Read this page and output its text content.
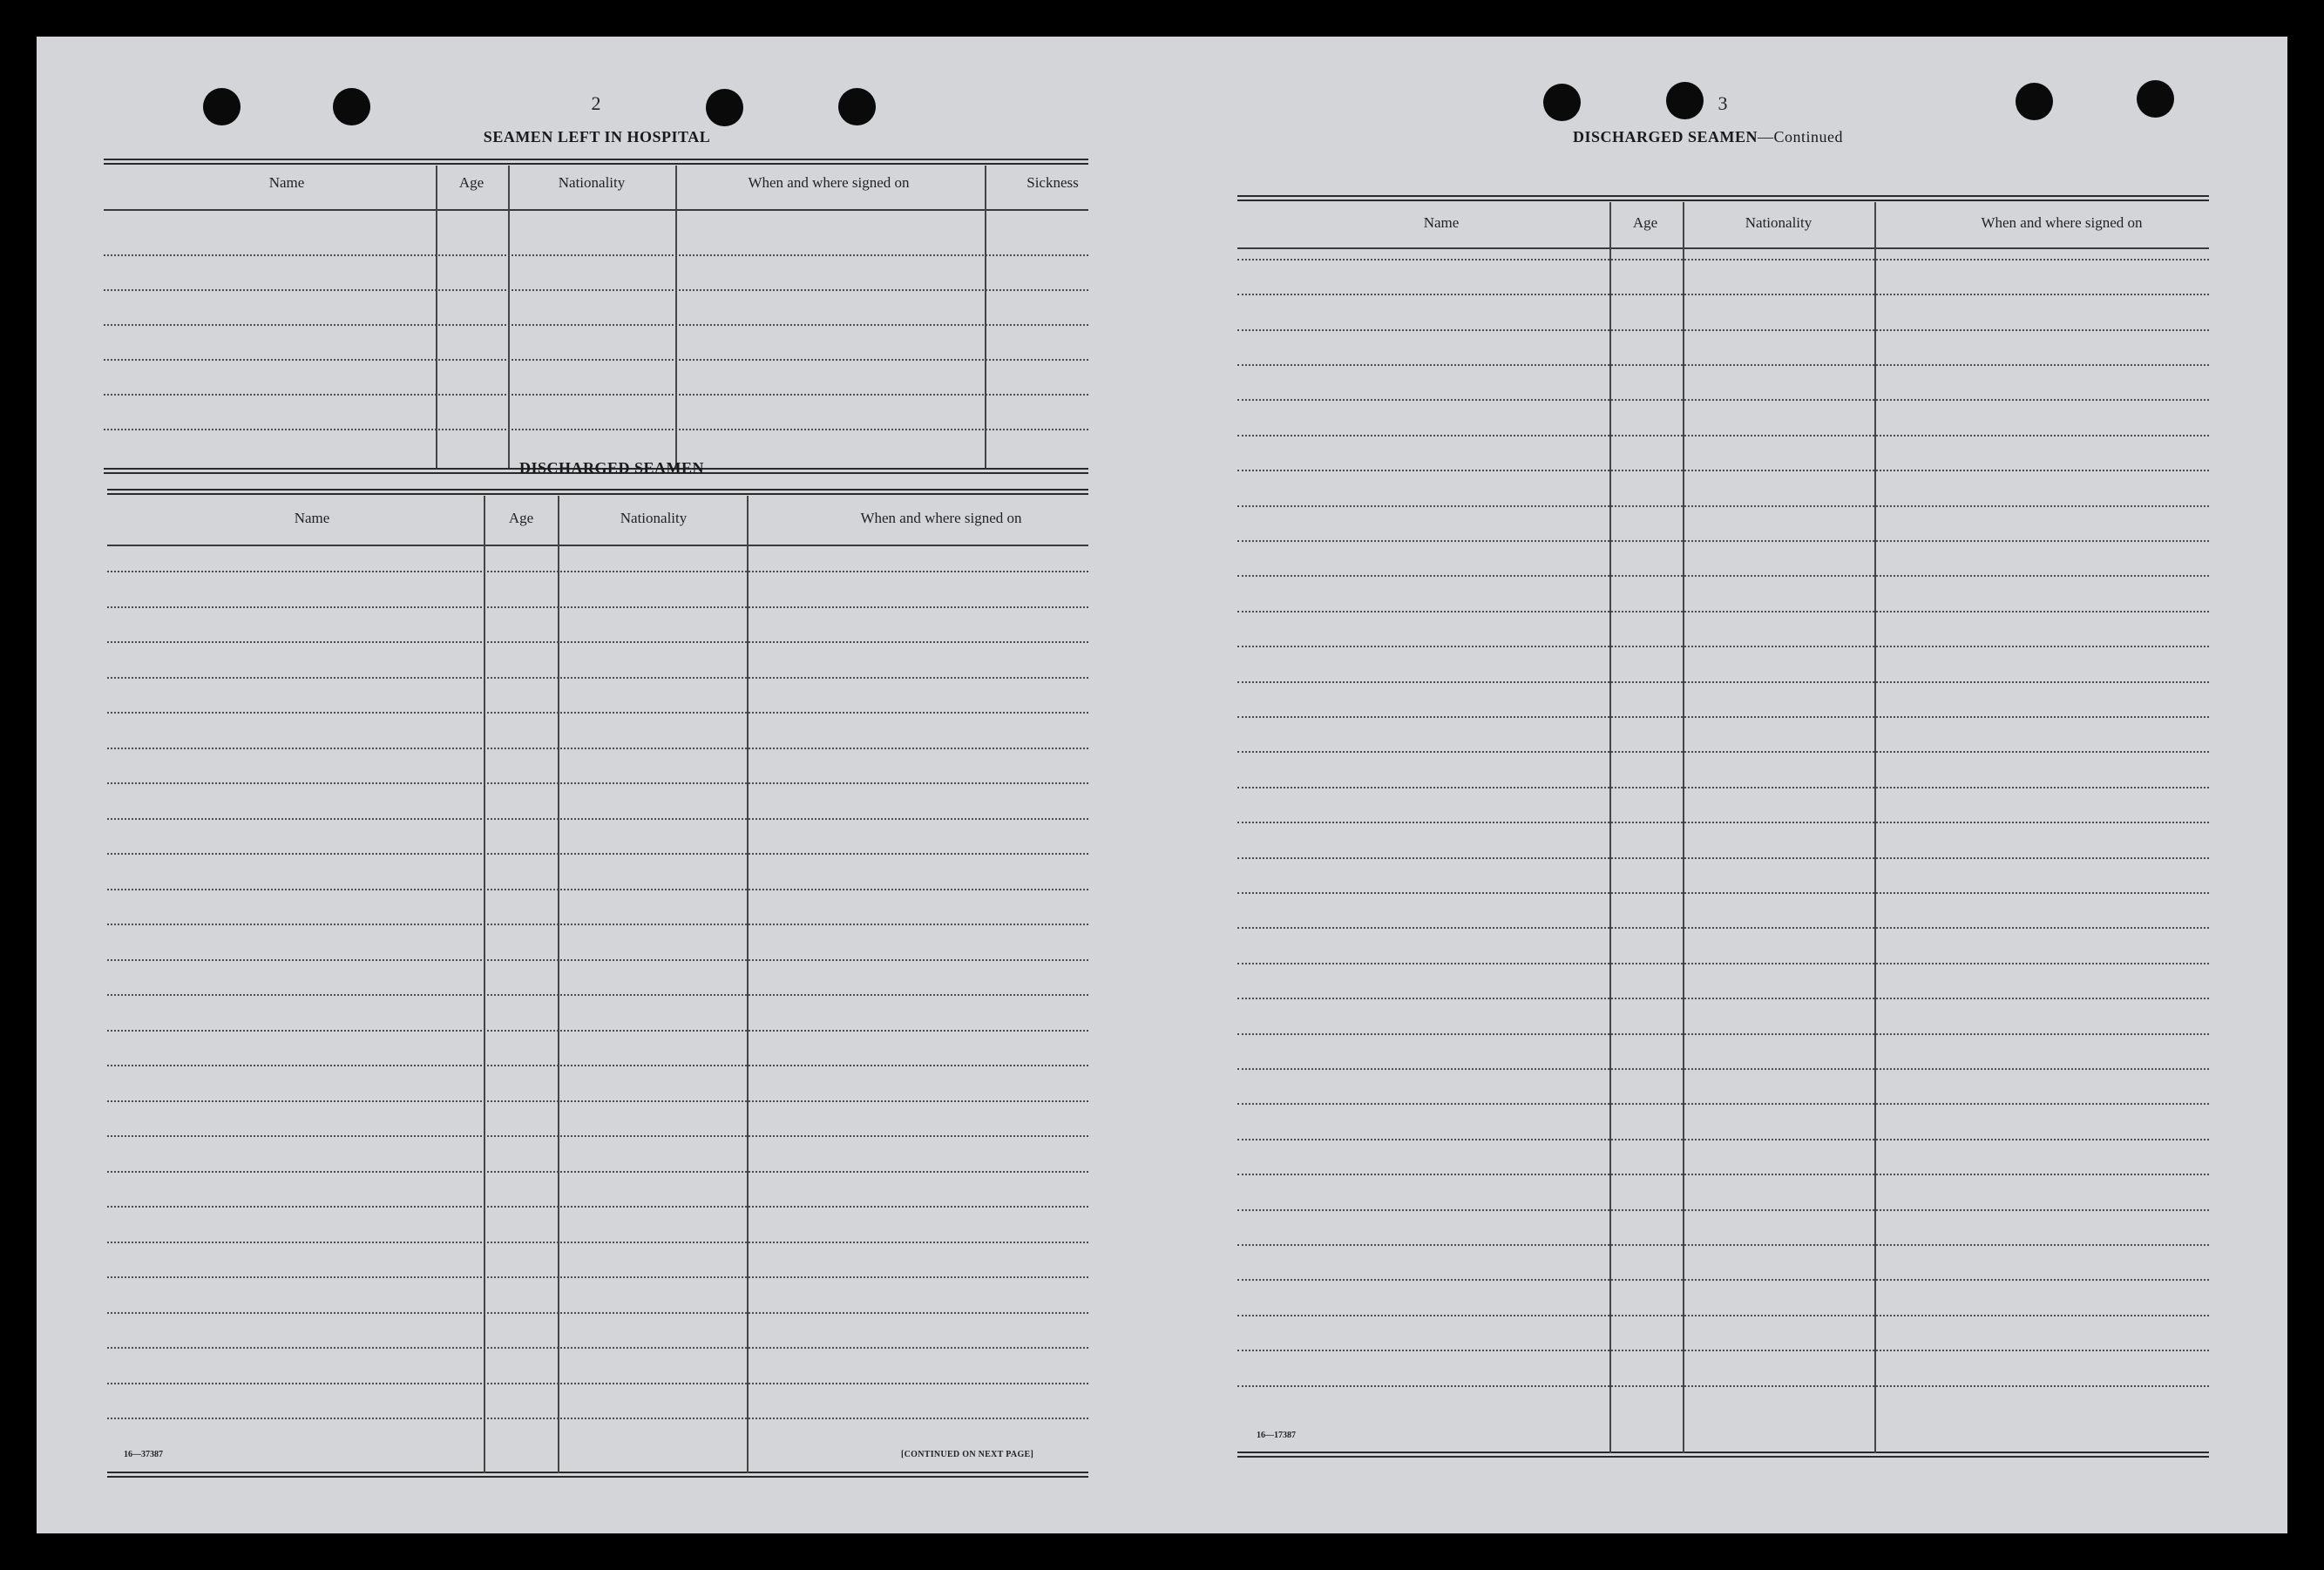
2
SEAMEN LEFT IN HOSPITAL
Name	Age	Nationality	When and where signed on	Sickness
DISCHARGED SEAMEN
Name	Age	Nationality	When and where signed on
16—37387	[CONTINUED ON NEXT PAGE]
3
DISCHARGED SEAMEN—Continued
Name	Age	Nationality	When and where signed on
16—17387
